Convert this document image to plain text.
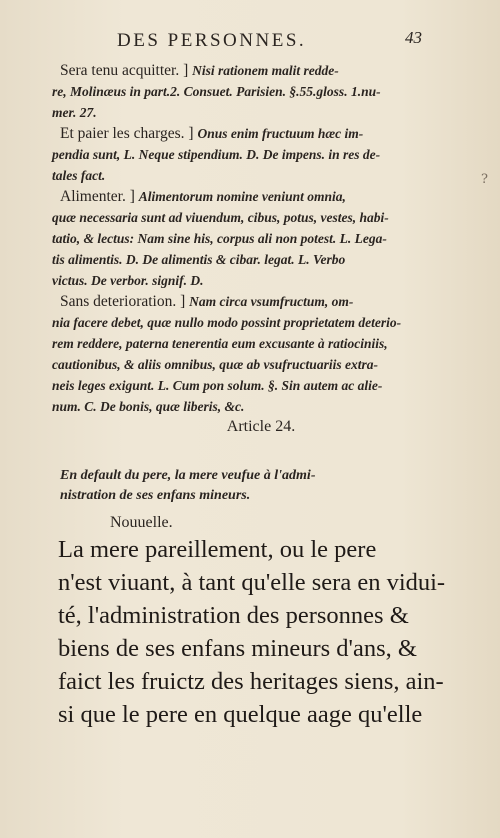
DES PERSONNES.	43
Sera tenu acquitter. ] Nisi rationem malit redde-
re, Molinæus in part.2. Consuet. Parisien. §.55.gloss. 1.nu-
mer. 27.
Et paier les charges. ] Onus enim fructuum hæc im-
pendia sunt, L. Neque stipendium. D. De impens. in res de-
tales fact.
Alimenter. ] Alimentorum nomine veniunt omnia,
quæ necessaria sunt ad viuendum, cibus, potus, vestes, habi-
tatio, & lectus: Nam sine his, corpus ali non potest. L. Lega-
tis alimentis. D. De alimentis & cibar. legat. L. Verbo
victus. De verbor. signif. D.
Sans deterioration. ] Nam circa vsumfructum, om-
nia facere debet, quæ nullo modo possint proprietatem deterio-
rem reddere, paterna tenerentia eum excusante à ratiociniis,
cautionibus, & aliis omnibus, quæ ab vsufructuariis extra-
neis leges exigunt. L. Cum pon solum. §. Sin autem ac alie-
num. C. De bonis, quæ liberis, &c.
Article 24.
En default du pere, la mere veufue à l'admi-
nistration de ses enfans mineurs.
Nouuelle.
La mere pareillement, ou le pere
n'est viuant, à tant qu'elle sera en vidui-
té, l'administration des personnes &
biens de ses enfans mineurs d'ans, &
faict les fruictz des heritages siens, ain-
si que le pere en quelque aage qu'elle
?
